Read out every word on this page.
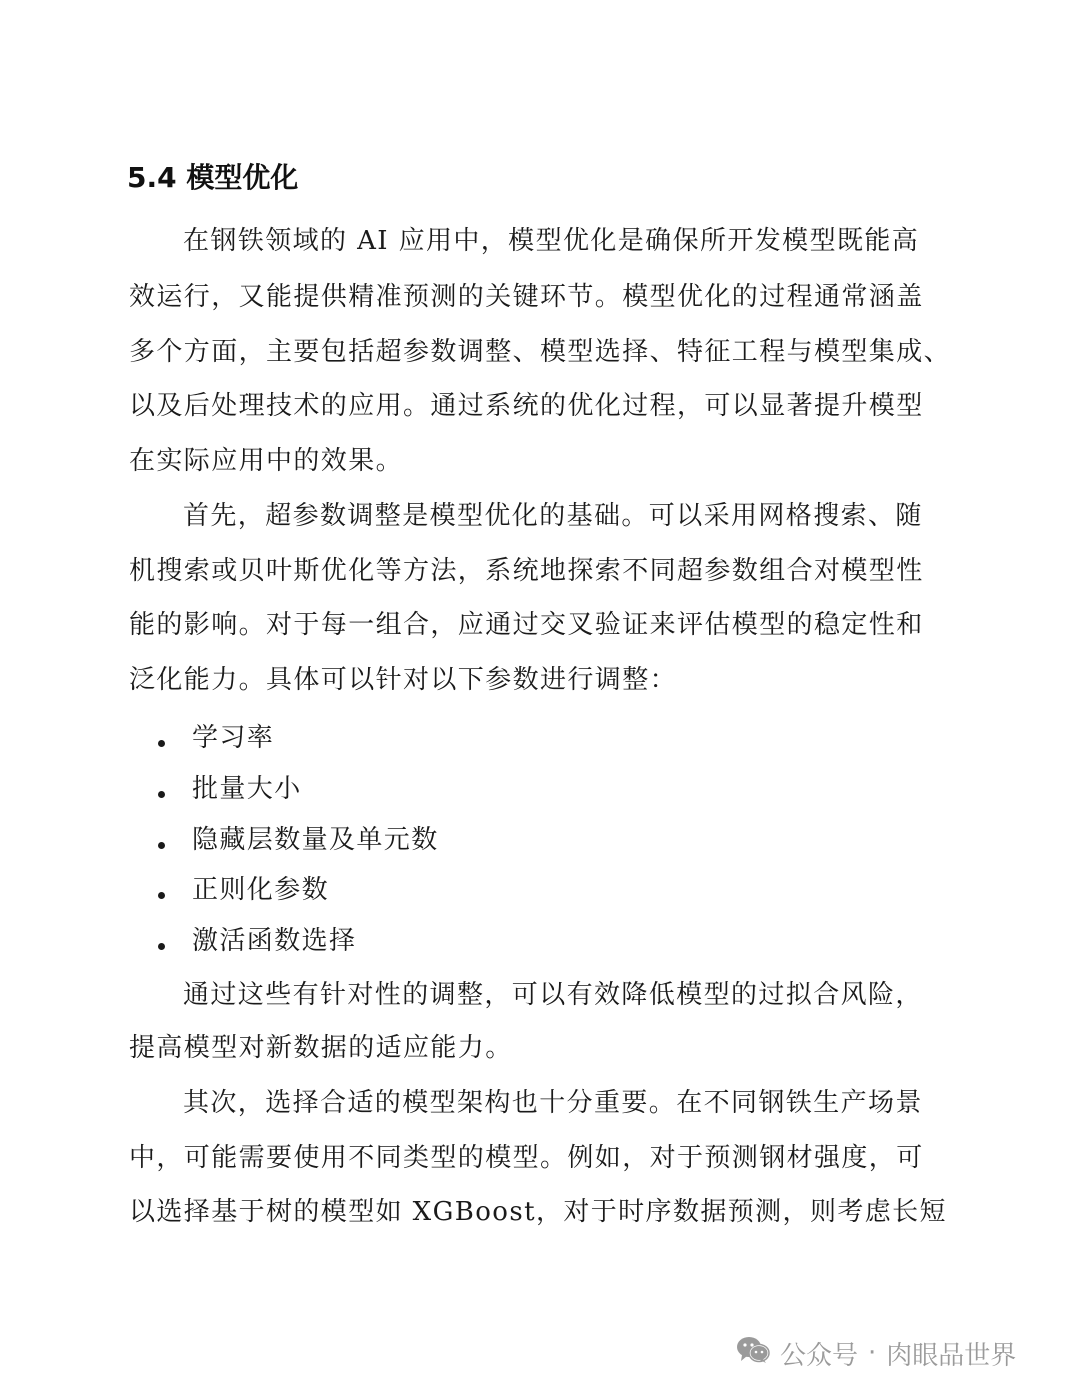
5.4 模型优化
在钢铁领域的 AI 应用中，模型优化是确保所开发模型既能高
效运行，又能提供精准预测的关键环节。模型优化的过程通常涵盖
多个方面，主要包括超参数调整、模型选择、特征工程与模型集成、
以及后处理技术的应用。通过系统的优化过程，可以显著提升模型
在实际应用中的效果。
首先，超参数调整是模型优化的基础。可以采用网格搜索、随
机搜索或贝叶斯优化等方法，系统地探索不同超参数组合对模型性
能的影响。对于每一组合，应通过交叉验证来评估模型的稳定性和
泛化能力。具体可以针对以下参数进行调整：
学习率
批量大小
隐藏层数量及单元数
正则化参数
激活函数选择
通过这些有针对性的调整，可以有效降低模型的过拟合风险，
提高模型对新数据的适应能力。
其次，选择合适的模型架构也十分重要。在不同钢铁生产场景
中，可能需要使用不同类型的模型。例如，对于预测钢材强度，可
以选择基于树的模型如 XGBoost，对于时序数据预测，则考虑长短
公众号 · 肉眼品世界
